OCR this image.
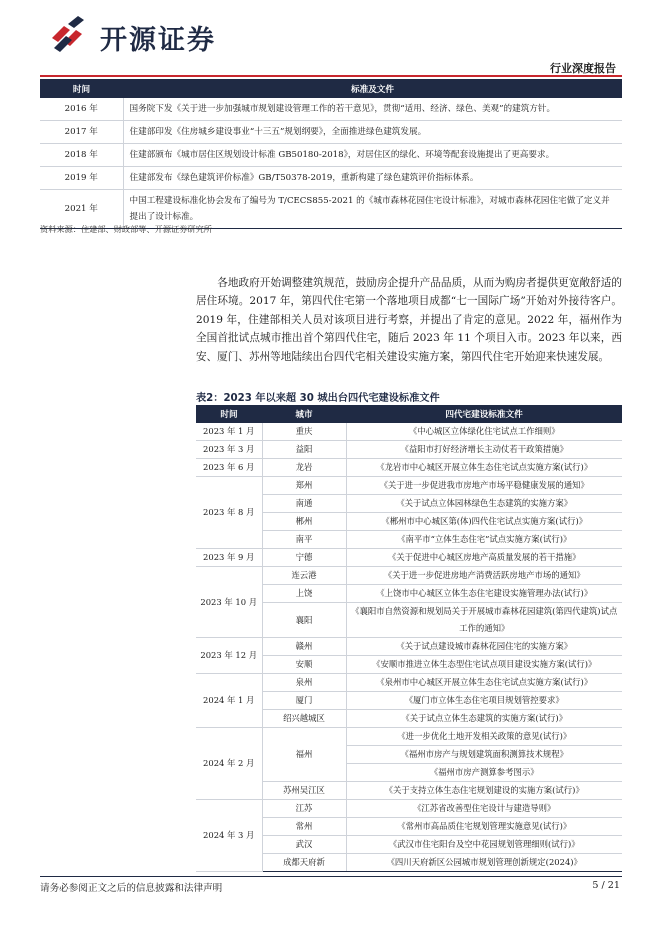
开源证券
行业深度报告
时间	标准及文件
2016 年	国务院下发《关于进一步加强城市规划建设管理工作的若干意见》，贯彻“适用、经济、绿色、美观”的建筑方针。
2017 年	住建部印发《住房城乡建设事业“十三五”规划纲要》，全面推进绿色建筑发展。
2018 年	住建部颁布《城市居住区规划设计标准 GB50180-2018》，对居住区的绿化、环境等配套设施提出了更高要求。
2019 年	住建部发布《绿色建筑评价标准》GB/T50378-2019，重新构建了绿色建筑评价指标体系。
2021 年	中国工程建设标准化协会发布了编号为 T/CECS855-2021 的《城市森林花园住宅设计标准》，对城市森林花园住宅做了定义并提出了设计标准。
资料来源：住建部、财政部等、开源证券研究所

各地政府开始调整建筑规范，鼓励房企提升产品品质，从而为购房者提供更宽敞舒适的居住环境。2017 年，第四代住宅第一个落地项目成都“七一国际广场”开始对外接待客户。2019 年，住建部相关人员对该项目进行考察，并提出了肯定的意见。2022 年，福州作为全国首批试点城市推出首个第四代住宅，随后 2023 年 11 个项目入市。2023 年以来，西安、厦门、苏州等地陆续出台四代宅相关建设实施方案，第四代住宅开始迎来快速发展。

表2：2023 年以来超 30 城出台四代宅建设标准文件
时间	城市	四代宅建设标准文件
2023 年 1 月	重庆	《中心城区立体绿化住宅试点工作细则》
2023 年 3 月	益阳	《益阳市打好经济增长主动仗若干政策措施》
2023 年 6 月	龙岩	《龙岩市中心城区开展立体生态住宅试点实施方案(试行)》
2023 年 8 月	郑州	《关于进一步促进我市房地产市场平稳健康发展的通知》
	南通	《关于试点立体园林绿色生态建筑的实施方案》
	郴州	《郴州市中心城区第(体)四代住宅试点实施方案(试行)》
	南平	《南平市“立体生态住宅”试点实施方案(试行)》
2023 年 9 月	宁德	《关于促进中心城区房地产高质量发展的若干措施》
2023 年 10 月	连云港	《关于进一步促进房地产消费活跃房地产市场的通知》
	上饶	《上饶市中心城区立体生态住宅建设实施管理办法(试行)》
	襄阳	《襄阳市自然资源和规划局关于开展城市森林花园建筑(第四代建筑)试点工作的通知》

2023 年 12 月	赣州	《关于试点建设城市森林花园住宅的实施方案》
	安顺	《安顺市推进立体生态型住宅试点项目建设实施方案(试行)》
2024 年 1 月	泉州	《泉州市中心城区开展立体生态住宅试点实施方案(试行)》
	厦门	《厦门市立体生态住宅项目规划管控要求》
	绍兴越城区	《关于试点立体生态建筑的实施方案(试行)》
2024 年 2 月	福州	《进一步优化土地开发相关政策的意见(试行)》
		《福州市房产与规划建筑面积测算技术规程》
		《福州市房产测算参考图示》
	苏州吴江区	《关于支持立体生态住宅规划建设的实施方案(试行)》
2024 年 3 月	江苏	《江苏省改善型住宅设计与建造导则》
	常州	《常州市高品质住宅规划管理实施意见(试行)》
	武汉	《武汉市住宅阳台及空中花园规划管理细则(试行)》
	成都天府新	《四川天府新区公园城市规划管理创新规定(2024)》
请务必参阅正文之后的信息披露和法律声明	5 / 21
